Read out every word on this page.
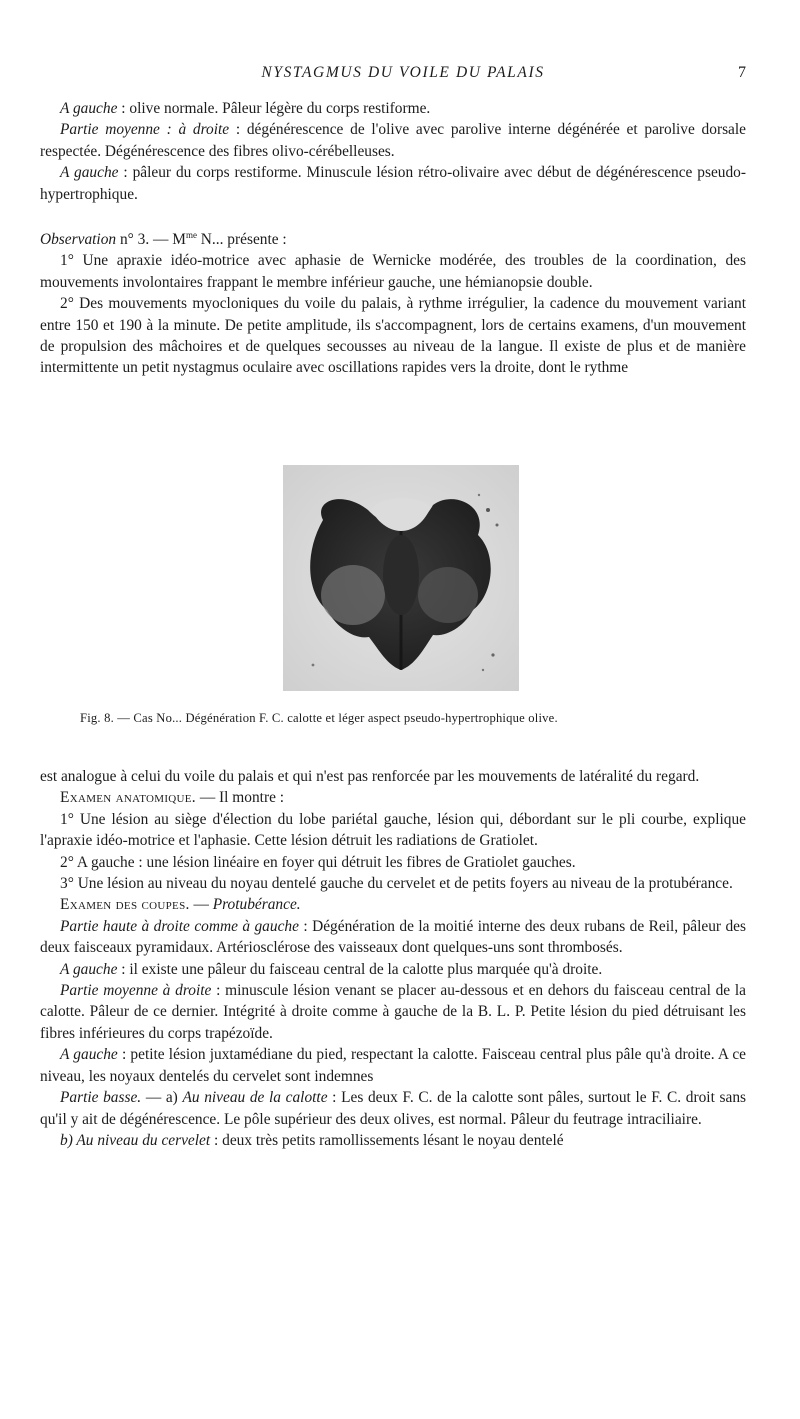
NYSTAGMUS DU VOILE DU PALAIS	7

A gauche : olive normale. Pâleur légère du corps restiforme.

Partie moyenne : à droite : dégénérescence de l'olive avec parolive interne dégénérée et parolive dorsale respectée. Dégénérescence des fibres olivo-cérébelleuses.

A gauche : pâleur du corps restiforme. Minuscule lésion rétro-olivaire avec début de dégénérescence pseudo-hypertrophique.

Observation n° 3. — $M^{me}$ N... présente :

1° Une apraxie idéo-motrice avec aphasie de Wernicke modérée, des troubles de la coordination, des mouvements involontaires frappant le membre inférieur gauche, une hémianopsie double.

2° Des mouvements myocloniques du voile du palais, à rythme irrégulier, la cadence du mouvement variant entre 150 et 190 à la minute. De petite amplitude, ils s'accompagnent, lors de certains examens, d'un mouvement de propulsion des mâchoires et de quelques secousses au niveau de la langue. Il existe de plus et de manière intermittente un petit nystagmus oculaire avec oscillations rapides vers la droite, dont le rythme

Fig. 8. — Cas No... Dégénération F. C. calotte et léger aspect pseudo-hypertrophique olive.

est analogue à celui du voile du palais et qui n'est pas renforcée par les mouvements de latéralité du regard.

Examen anatomique. — Il montre :

1° Une lésion au siège d'élection du lobe pariétal gauche, lésion qui, débordant sur le pli courbe, explique l'apraxie idéo-motrice et l'aphasie. Cette lésion détruit les radiations de Gratiolet.

2° A gauche : une lésion linéaire en foyer qui détruit les fibres de Gratiolet gauches.

3° Une lésion au niveau du noyau dentelé gauche du cervelet et de petits foyers au niveau de la protubérance.

Examen des coupes. — Protubérance.

Partie haute à droite comme à gauche : Dégénération de la moitié interne des deux rubans de Reil, pâleur des deux faisceaux pyramidaux. Artériosclérose des vaisseaux dont quelques-uns sont thrombosés.

A gauche : il existe une pâleur du faisceau central de la calotte plus marquée qu'à droite.

Partie moyenne à droite : minuscule lésion venant se placer au-dessous et en dehors du faisceau central de la calotte. Pâleur de ce dernier. Intégrité à droite comme à gauche de la B. L. P. Petite lésion du pied détruisant les fibres inférieures du corps trapézoïde.

A gauche : petite lésion juxtamédiane du pied, respectant la calotte. Faisceau central plus pâle qu'à droite. A ce niveau, les noyaux dentelés du cervelet sont indemnes

Partie basse. — a) Au niveau de la calotte : Les deux F. C. de la calotte sont pâles, surtout le F. C. droit sans qu'il y ait de dégénérescence. Le pôle supérieur des deux olives, est normal. Pâleur du feutrage intraciliaire.

b) Au niveau du cervelet : deux très petits ramollissements lésant le noyau dentelé
